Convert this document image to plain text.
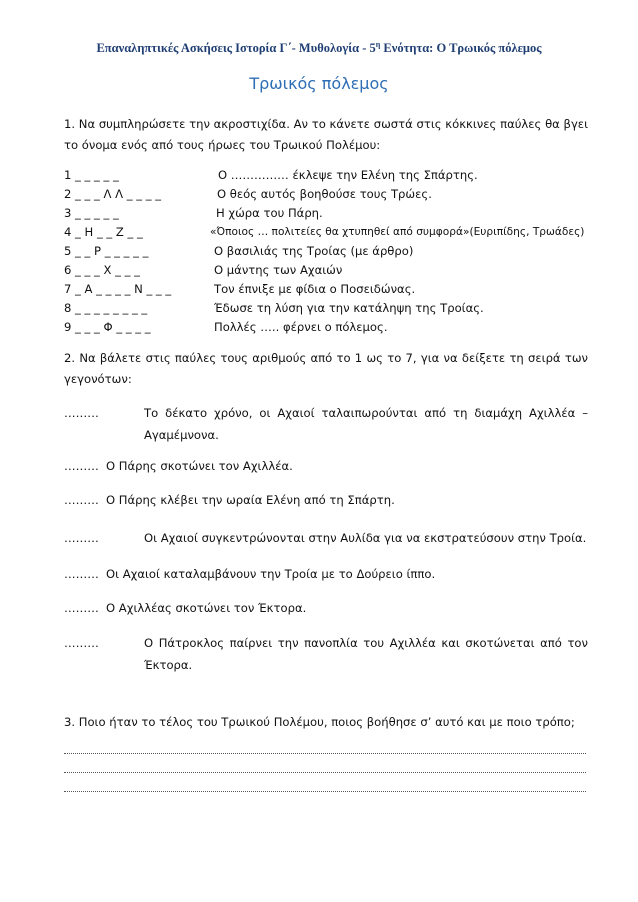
Επαναληπτικές Ασκήσεις Ιστορία Γ΄- Μυθολογία - $5^\eta$ Ενότητα: Ο Τρωικός πόλεμος
Τρωικός πόλεμος
1. Να συμπληρώσετε την ακροστιχίδα. Αν το κάνετε σωστά στις κόκκινες παύλες θα βγει το όνομα ενός από τους ήρωες του Τρωικού Πολέμου:
1 _ _ _ _ _	Ο …………… έκλεψε την Ελένη της Σπάρτης.
2 _ _ _ Λ Λ _ _ _ _	Ο θεός αυτός βοηθούσε τους Τρώες.
3 _ _ _ _ _	Η χώρα του Πάρη.
4 _ Η _ _ Ζ _ _	«Όποιος … πολιτείες θα χτυπηθεί από συμφορά»(Ευριπίδης, Τρωάδες)
5 _ _ Ρ _ _ _ _ _	Ο βασιλιάς της Τροίας (με άρθρο)
6 _ _ _ Χ _ _ _	Ο μάντης των Αχαιών
7 _ Α _ _ _ _ Ν _ _ _	Τον έπνιξε με φίδια ο Ποσειδώνας.
8 _ _ _ _ _ _ _ _	Έδωσε τη λύση για την κατάληψη της Τροίας.
9 _ _ _ Φ _ _ _ _	Πολλές ….. φέρνει ο πόλεμος.
2. Να βάλετε στις παύλες τους αριθμούς από το 1 ως το 7, για να δείξετε τη σειρά των γεγονότων:
………	Το δέκατο χρόνο, οι Αχαιοί ταλαιπωρούνται από τη διαμάχη Αχιλλέα – Αγαμέμνονα.
……… Ο Πάρης σκοτώνει τον Αχιλλέα.
……… Ο Πάρης κλέβει την ωραία Ελένη από τη Σπάρτη.
………	Οι Αχαιοί συγκεντρώνονται στην Αυλίδα για να εκστρατεύσουν στην Τροία.
……… Οι Αχαιοί καταλαμβάνουν την Τροία με το Δούρειο ίππο.
……… Ο Αχιλλέας σκοτώνει τον Έκτορα.
………	Ο Πάτροκλος παίρνει την πανοπλία του Αχιλλέα και σκοτώνεται από τον Έκτορα.
3. Ποιο ήταν το τέλος του Τρωικού Πολέμου, ποιος βοήθησε σ’ αυτό και με ποιο τρόπο;
